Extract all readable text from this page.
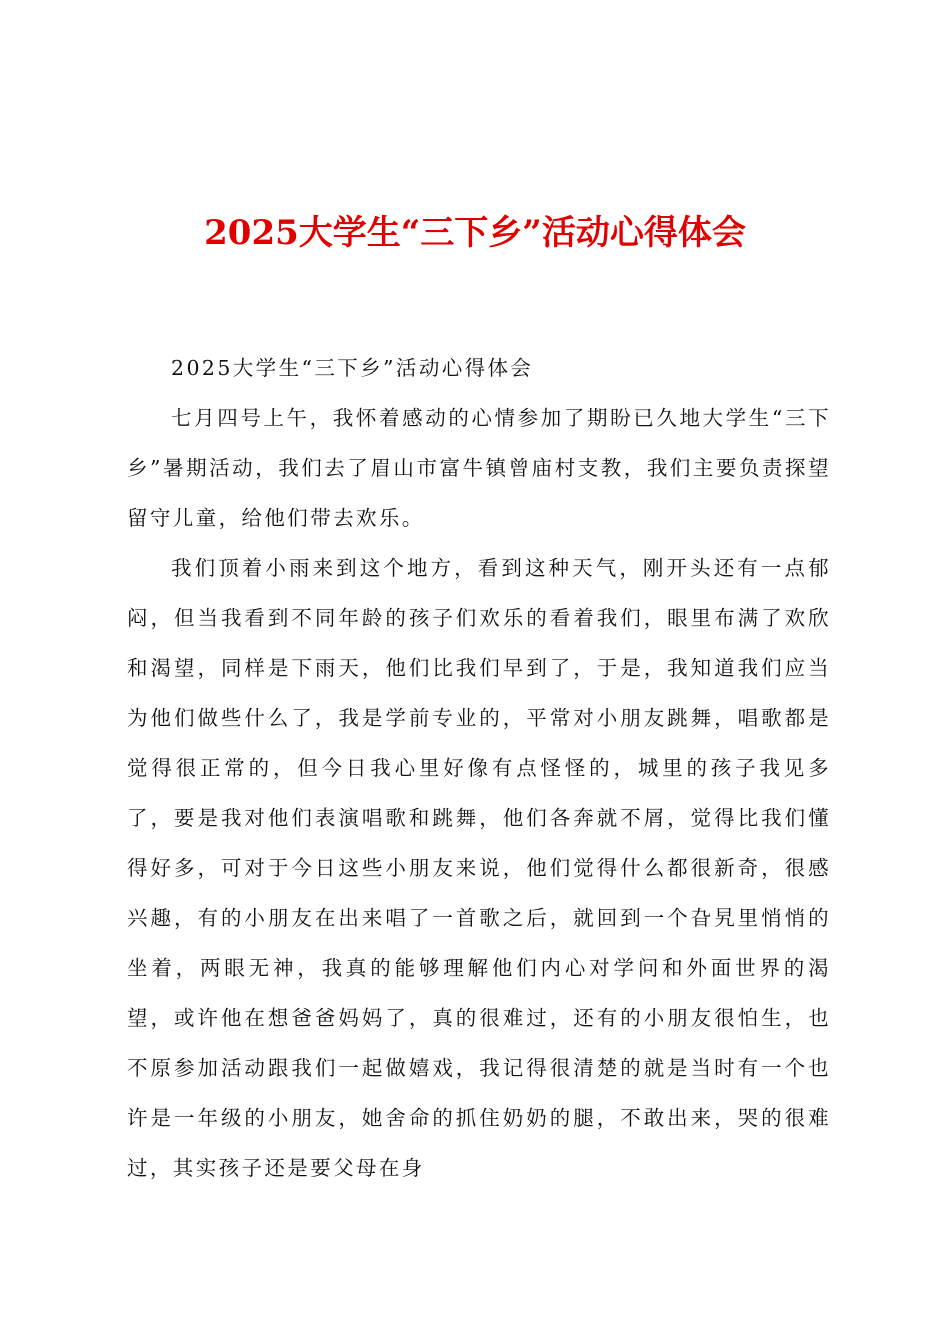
2025大学生“三下乡”活动心得体会

2025大学生“三下乡”活动心得体会

七月四号上午，我怀着感动的心情参加了期盼已久地大学生“三下乡”暑期活动，我们去了眉山市富牛镇曾庙村支教，我们主要负责探望留守儿童，给他们带去欢乐。

我们顶着小雨来到这个地方，看到这种天气，刚开头还有一点郁闷，但当我看到不同年龄的孩子们欢乐的看着我们，眼里布满了欢欣和渴望，同样是下雨天，他们比我们早到了，于是，我知道我们应当为他们做些什么了，我是学前专业的，平常对小朋友跳舞，唱歌都是觉得很正常的，但今日我心里好像有点怪怪的，城里的孩子我见多了，要是我对他们表演唱歌和跳舞，他们各奔就不屑，觉得比我们懂得好多，可对于今日这些小朋友来说，他们觉得什么都很新奇，很感兴趣，有的小朋友在出来唱了一首歌之后，就回到一个旮旯里悄悄的坐着，两眼无神，我真的能够理解他们内心对学问和外面世界的渴望，或许他在想爸爸妈妈了，真的很难过，还有的小朋友很怕生，也不原参加活动跟我们一起做嬉戏，我记得很清楚的就是当时有一个也许是一年级的小朋友，她舍命的抓住奶奶的腿，不敢出来，哭的很难过，其实孩子还是要父母在身
